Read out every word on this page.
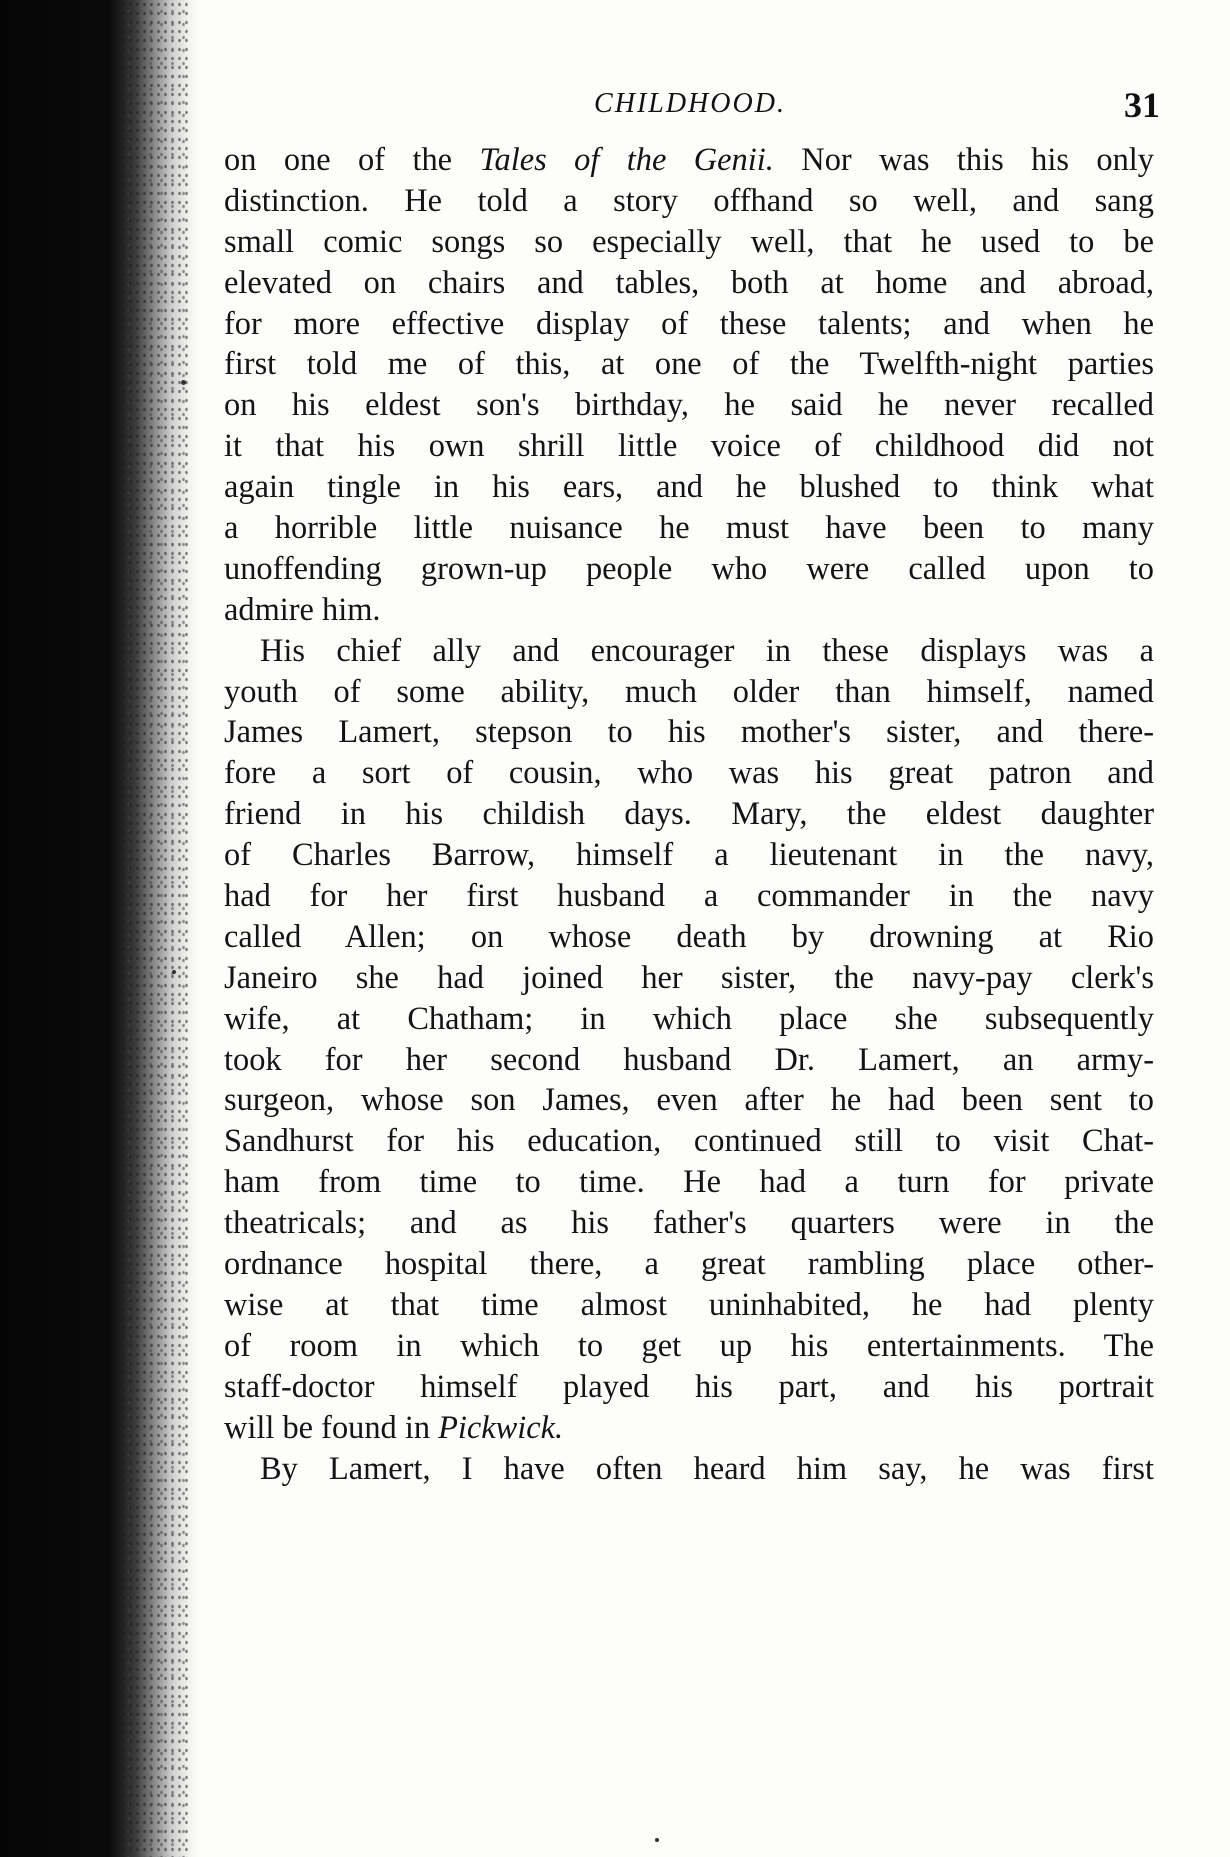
CHILDHOOD.	31
on one of the Tales of the Genii. Nor was this his only
distinction. He told a story offhand so well, and sang
small comic songs so especially well, that he used to be
elevated on chairs and tables, both at home and abroad,
for more effective display of these talents; and when he
first told me of this, at one of the Twelfth-night parties
on his eldest son's birthday, he said he never recalled
it that his own shrill little voice of childhood did not
again tingle in his ears, and he blushed to think what
a horrible little nuisance he must have been to many
unoffending grown-up people who were called upon to
admire him.
His chief ally and encourager in these displays was a
youth of some ability, much older than himself, named
James Lamert, stepson to his mother's sister, and there-
fore a sort of cousin, who was his great patron and
friend in his childish days. Mary, the eldest daughter
of Charles Barrow, himself a lieutenant in the navy,
had for her first husband a commander in the navy
called Allen; on whose death by drowning at Rio
Janeiro she had joined her sister, the navy-pay clerk's
wife, at Chatham; in which place she subsequently
took for her second husband Dr. Lamert, an army-
surgeon, whose son James, even after he had been sent to
Sandhurst for his education, continued still to visit Chat-
ham from time to time. He had a turn for private
theatricals; and as his father's quarters were in the
ordnance hospital there, a great rambling place other-
wise at that time almost uninhabited, he had plenty
of room in which to get up his entertainments. The
staff-doctor himself played his part, and his portrait
will be found in Pickwick.
By Lamert, I have often heard him say, he was first
